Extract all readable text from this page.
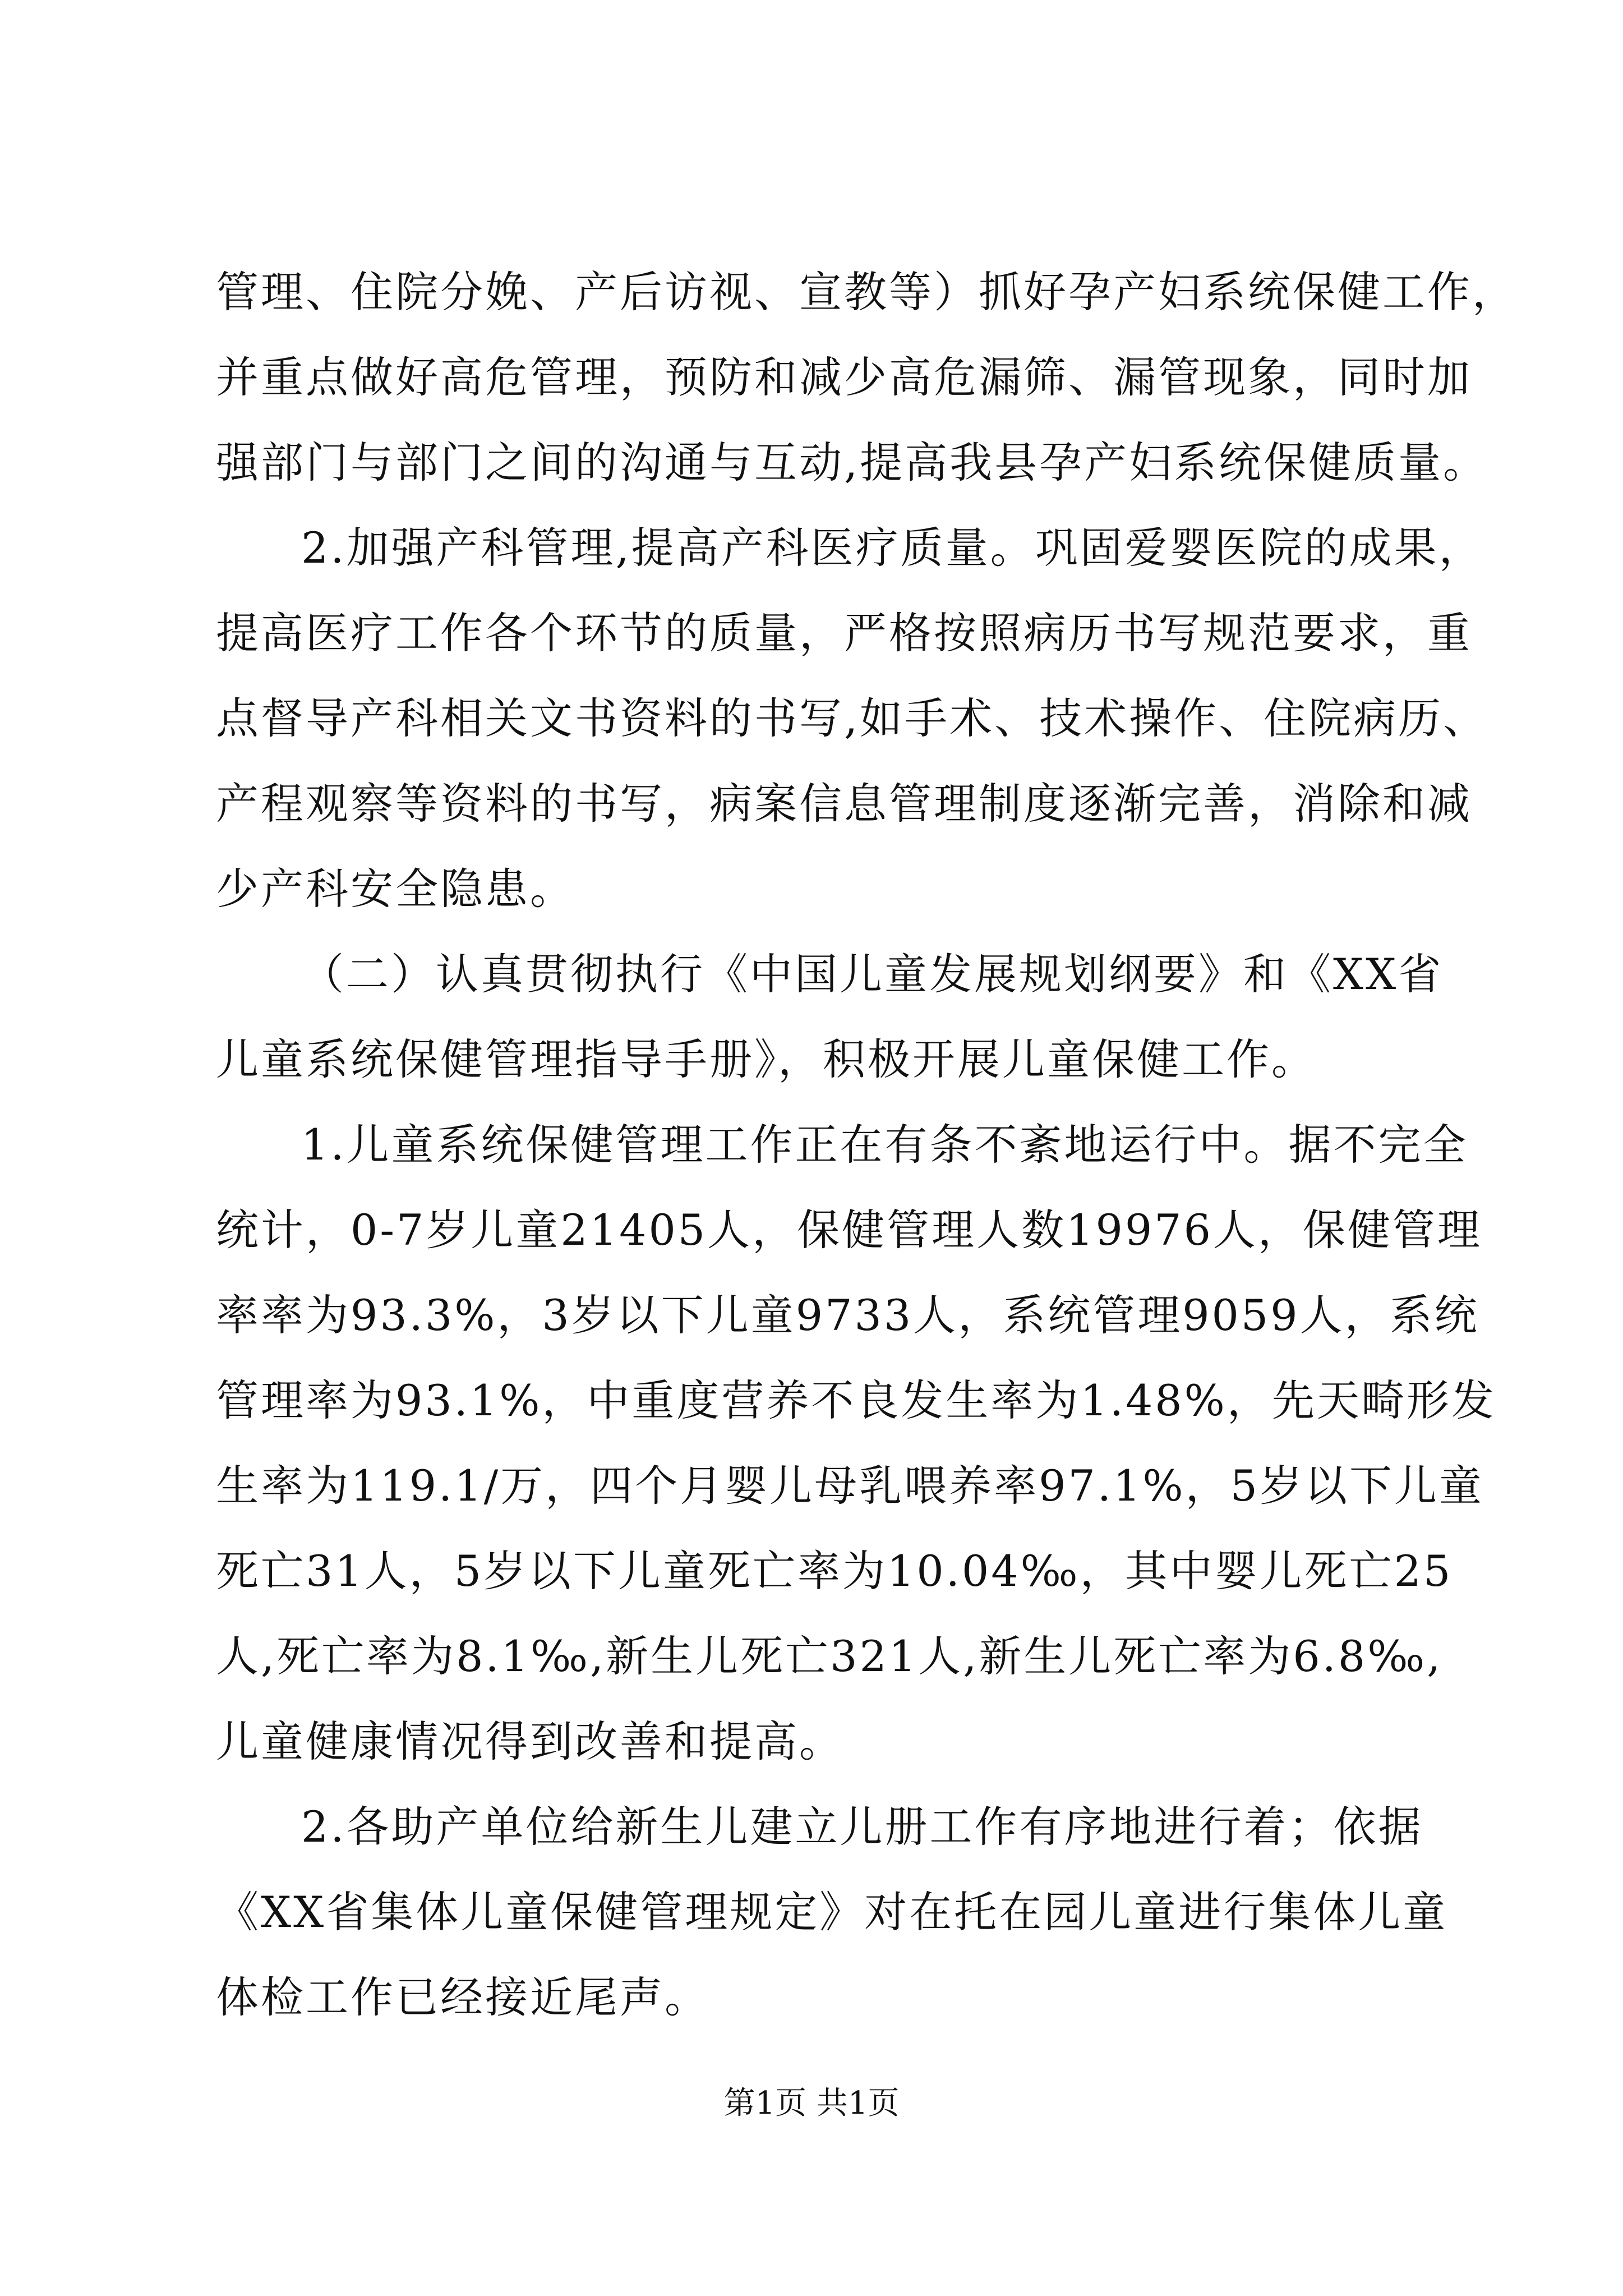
管理、住院分娩、产后访视、宣教等）抓好孕产妇系统保健工作，
并重点做好高危管理，预防和减少高危漏筛、漏管现象，同时加
强部门与部门之间的沟通与互动,提高我县孕产妇系统保健质量。
2.加强产科管理,提高产科医疗质量。巩固爱婴医院的成果，
提高医疗工作各个环节的质量，严格按照病历书写规范要求，重
点督导产科相关文书资料的书写,如手术、技术操作、住院病历、
产程观察等资料的书写，病案信息管理制度逐渐完善，消除和减
少产科安全隐患。
（二）认真贯彻执行《中国儿童发展规划纲要》和《XX省
儿童系统保健管理指导手册》，积极开展儿童保健工作。
1.儿童系统保健管理工作正在有条不紊地运行中。据不完全
统计，0-7岁儿童21405人，保健管理人数19976人，保健管理
率率为93.3%，3岁以下儿童9733人，系统管理9059人，系统
管理率为93.1%，中重度营养不良发生率为1.48%，先天畸形发
生率为119.1/万，四个月婴儿母乳喂养率97.1%，5岁以下儿童
死亡31人，5岁以下儿童死亡率为10.04‰，其中婴儿死亡25
人,死亡率为8.1‰,新生儿死亡321人,新生儿死亡率为6.8‰,
儿童健康情况得到改善和提高。
2.各助产单位给新生儿建立儿册工作有序地进行着；依据
《XX省集体儿童保健管理规定》对在托在园儿童进行集体儿童
体检工作已经接近尾声。
第1页 共1页
